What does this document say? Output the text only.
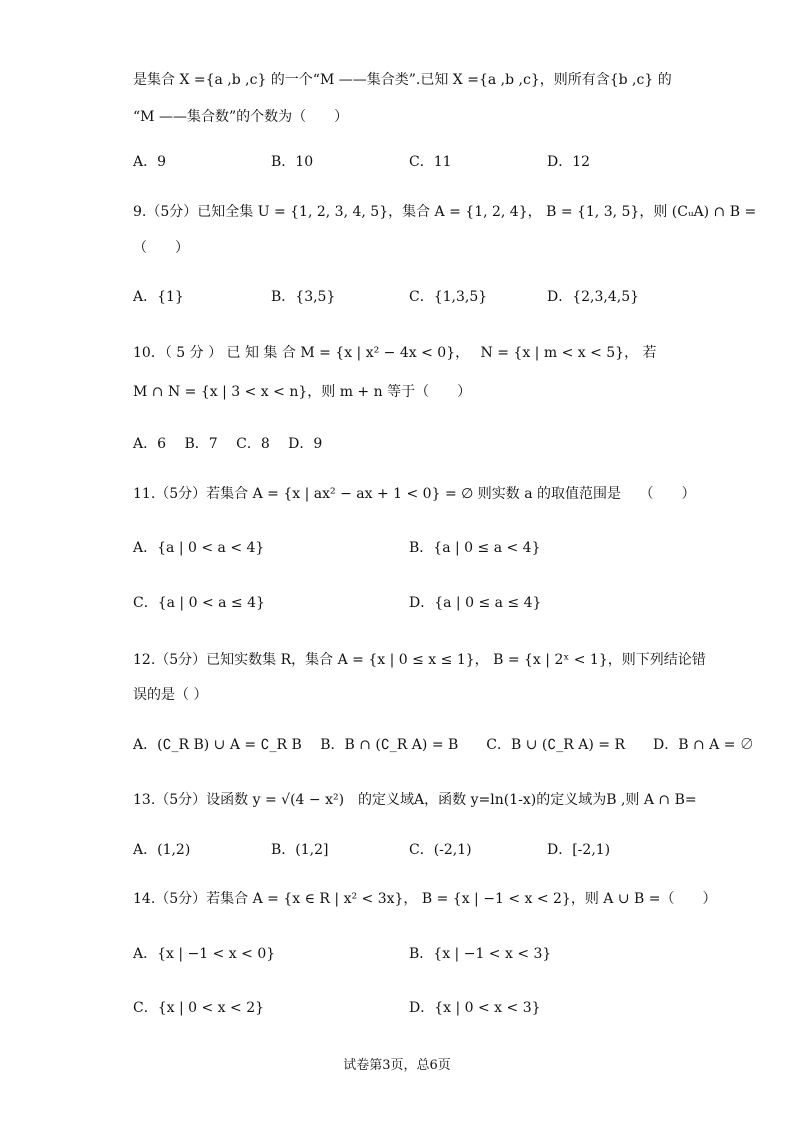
是集合 X ={a ,b ,c} 的一个“M ——集合类”.已知 X ={a ,b ,c}，则所有含{b ,c} 的
“M ——集合数”的个数为（　　）
A．9	B．10	C．11	D．12
9.（5分）已知全集 U = {1, 2, 3, 4, 5}，集合 A = {1, 2, 4}， B = {1, 3, 5}，则 (CᵤA) ∩ B =
（　　）
A．{1}	B．{3,5}	C．{1,3,5}	D．{2,3,4,5}
10．（ 5 分 ） 已 知 集 合 M = {x | x² − 4x < 0}，　 N = {x | m < x < 5}， 若
M ∩ N = {x | 3 < x < n}，则 m + n 等于（　　）
A．6　 B．7　 C．8　 D．9
11.（5分）若集合 A = {x | ax² − ax + 1 < 0} = ∅ 则实数 a 的取值范围是　 （　　）
A．{a | 0 < a < 4}	B．{a | 0 ≤ a < 4}
C．{a | 0 < a ≤ 4}	D．{a | 0 ≤ a ≤ 4}
12.（5分）已知实数集 R，集合 A = {x | 0 ≤ x ≤ 1}， B = {x | 2ˣ < 1}，则下列结论错
误的是（ ）
A．(∁_R B) ∪ A = ∁_R B　 B．B ∩ (∁_R A) = B　　C．B ∪ (∁_R A) = R　　D．B ∩ A = ∅
13.（5分）设函数 y = √(4 − x²)　的定义域A，函数 y=ln(1-x)的定义域为B ,则 A ∩ B=
A．(1,2)	B．(1,2]	C．(-2,1)	D．[-2,1)
14.（5分）若集合 A = {x ∈ R | x² < 3x}， B = {x | −1 < x < 2}，则 A ∪ B =（　　）
A．{x | −1 < x < 0}	B．{x | −1 < x < 3}
C．{x | 0 < x < 2}	D．{x | 0 < x < 3}
试卷第3页，总6页
